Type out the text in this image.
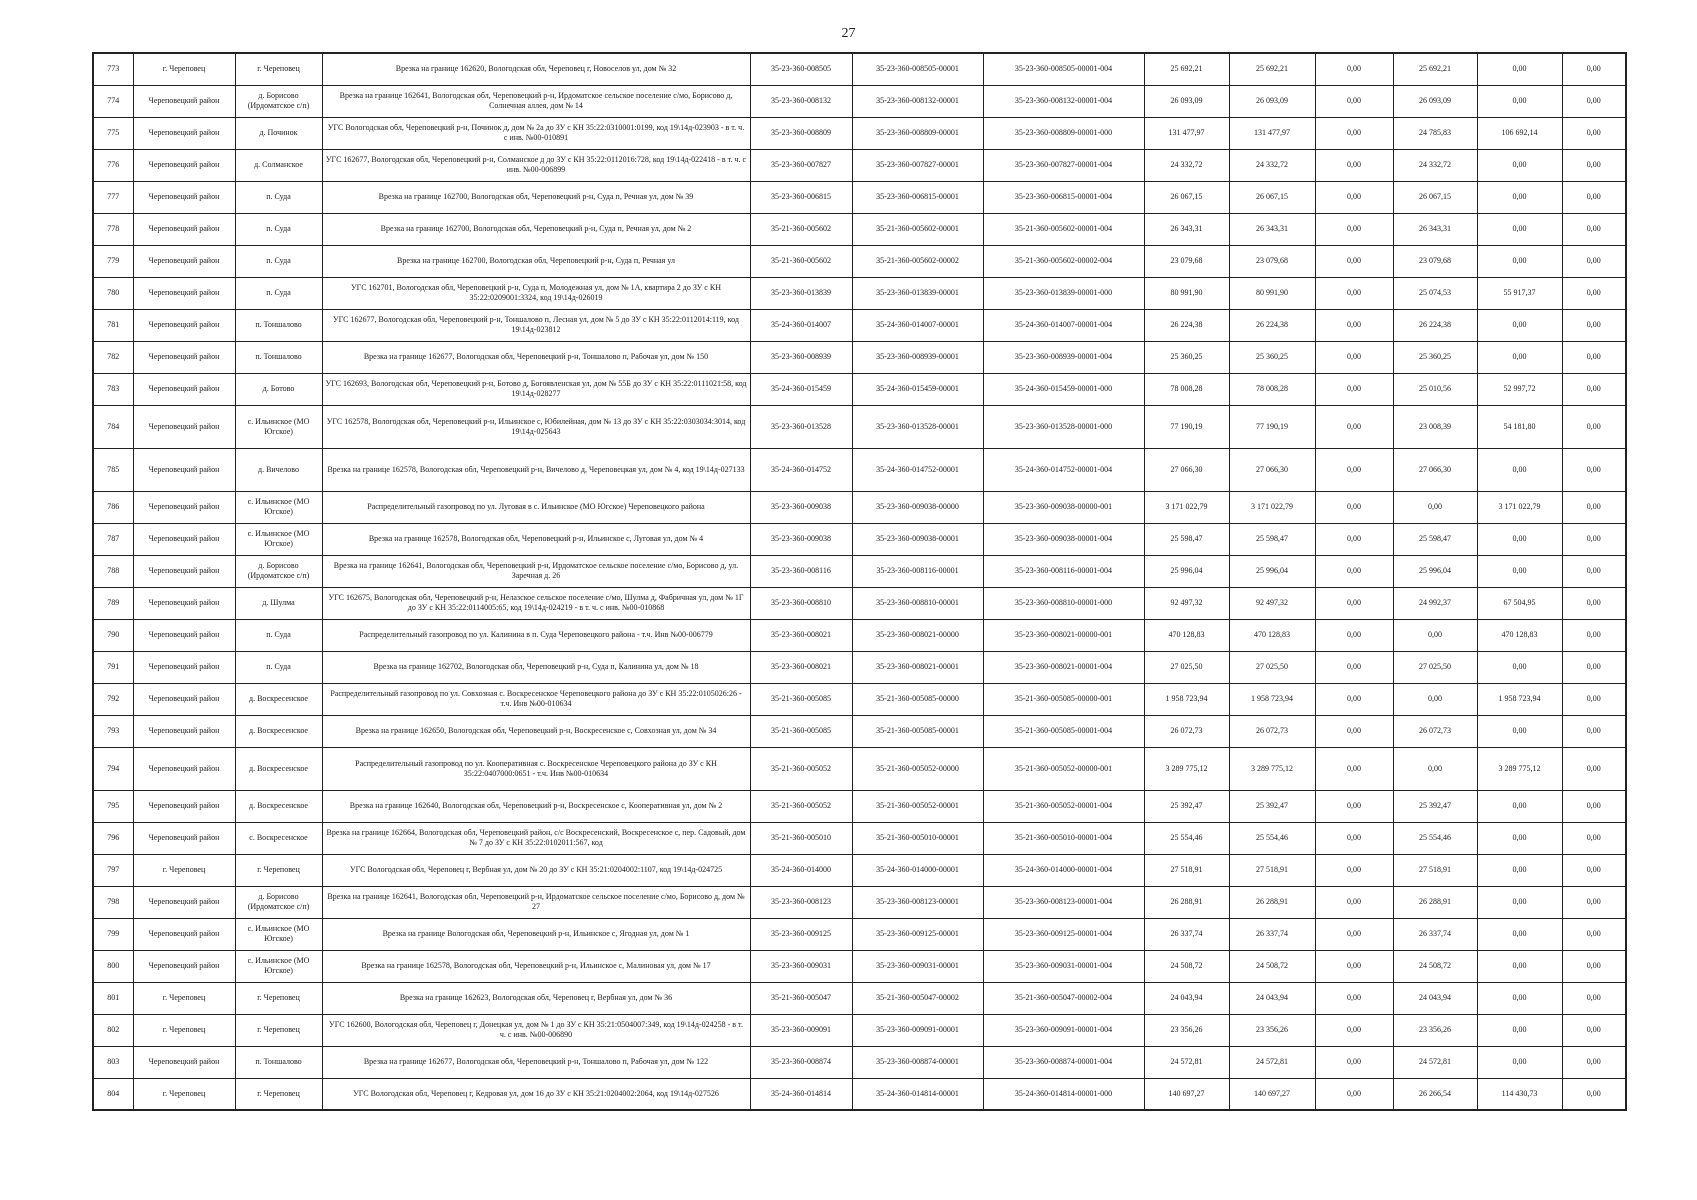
27
773	г. Череповец	г. Череповец	Врезка на границе 162620, Вологодская обл, Череповец г, Новоселов ул, дом № 32	35-23-360-008505	35-23-360-008505-00001	35-23-360-008505-00001-004	25 692,21	25 692,21	0,00	25 692,21	0,00	0,00
774	Череповецкий район	д. Борисово (Ирдоматское с/п)	Врезка на границе 162641, Вологодская обл, Череповецкий р-н, Ирдоматское сельское поселение с/мо, Борисово д, Солнечная аллея, дом № 14	35-23-360-008132	35-23-360-008132-00001	35-23-360-008132-00001-004	26 093,09	26 093,09	0,00	26 093,09	0,00	0,00
775	Череповецкий район	д. Починок	УГС Вологодская обл, Череповецкий р-н, Починок д, дом № 2а до ЗУ с КН 35:22:0310001:0199, код 19\14д-023903 - в т. ч. с инв. №00-010891	35-23-360-008809	35-23-360-008809-00001	35-23-360-008809-00001-000	131 477,97	131 477,97	0,00	24 785,83	106 692,14	0,00
776	Череповецкий район	д. Солманское	УГС 162677, Вологодская обл, Череповецкий р-н, Солманское д до ЗУ с КН 35:22:0112016:728, код 19\14д-022418 - в т. ч. с инв. №00-006899	35-23-360-007827	35-23-360-007827-00001	35-23-360-007827-00001-004	24 332,72	24 332,72	0,00	24 332,72	0,00	0,00
777	Череповецкий район	п. Суда	Врезка на границе 162700, Вологодская обл, Череповецкий р-н, Суда п, Речная ул, дом № 39	35-23-360-006815	35-23-360-006815-00001	35-23-360-006815-00001-004	26 067,15	26 067,15	0,00	26 067,15	0,00	0,00
778	Череповецкий район	п. Суда	Врезка на границе 162700, Вологодская обл, Череповецкий р-н, Суда п, Речная ул, дом № 2	35-21-360-005602	35-21-360-005602-00001	35-21-360-005602-00001-004	26 343,31	26 343,31	0,00	26 343,31	0,00	0,00
779	Череповецкий район	п. Суда	Врезка на границе 162700, Вологодская обл, Череповецкий р-н, Суда п, Речная ул	35-21-360-005602	35-21-360-005602-00002	35-21-360-005602-00002-004	23 079,68	23 079,68	0,00	23 079,68	0,00	0,00
780	Череповецкий район	п. Суда	УГС 162701, Вологодская обл, Череповецкий р-н, Суда п, Молодежная ул, дом № 1А, квартира 2 до ЗУ с КН 35:22:0209001:3324, код 19\14д-026019	35-23-360-013839	35-23-360-013839-00001	35-23-360-013839-00001-000	80 991,90	80 991,90	0,00	25 074,53	55 917,37	0,00
781	Череповецкий район	п. Тоншалово	УГС 162677, Вологодская обл, Череповецкий р-н, Тоншалово п, Лесная ул, дом № 5 до ЗУ с КН 35:22:0112014:119, код 19\14д-023812	35-24-360-014007	35-24-360-014007-00001	35-24-360-014007-00001-004	26 224,38	26 224,38	0,00	26 224,38	0,00	0,00
782	Череповецкий район	п. Тоншалово	Врезка на границе 162677, Вологодская обл, Череповецкий р-н, Тоншалово п, Рабочая ул, дом № 150	35-23-360-008939	35-23-360-008939-00001	35-23-360-008939-00001-004	25 360,25	25 360,25	0,00	25 360,25	0,00	0,00
783	Череповецкий район	д. Ботово	УГС 162693, Вологодская обл, Череповецкий р-н, Ботово д, Богоявленская ул, дом № 55Б до ЗУ с КН 35:22:0111021:58, код 19\14д-028277	35-24-360-015459	35-24-360-015459-00001	35-24-360-015459-00001-000	78 008,28	78 008,28	0,00	25 010,56	52 997,72	0,00
784	Череповецкий район	с. Ильинское (МО Югское)	УГС 162578, Вологодская обл, Череповецкий р-н, Ильинское с, Юбилейная, дом № 13 до ЗУ с КН 35:22:0303034:3014, код 19\14д-025643	35-23-360-013528	35-23-360-013528-00001	35-23-360-013528-00001-000	77 190,19	77 190,19	0,00	23 008,39	54 181,80	0,00
785	Череповецкий район	д. Вичелово	Врезка на границе 162578, Вологодская обл, Череповецкий р-н, Вичелово д, Череповецкая ул, дом № 4, код 19\14д-027133	35-24-360-014752	35-24-360-014752-00001	35-24-360-014752-00001-004	27 066,30	27 066,30	0,00	27 066,30	0,00	0,00
786	Череповецкий район	с. Ильинское (МО Югское)	Распределительный газопровод по ул. Луговая в с. Ильинское (МО Югское) Череповецкого района	35-23-360-009038	35-23-360-009038-00000	35-23-360-009038-00000-001	3 171 022,79	3 171 022,79	0,00	0,00	3 171 022,79	0,00
787	Череповецкий район	с. Ильинское (МО Югское)	Врезка на границе 162578, Вологодская обл, Череповецкий р-н, Ильинское с, Луговая ул, дом № 4	35-23-360-009038	35-23-360-009038-00001	35-23-360-009038-00001-004	25 598,47	25 598,47	0,00	25 598,47	0,00	0,00
788	Череповецкий район	д. Борисово (Ирдоматское с/п)	Врезка на границе 162641, Вологодская обл, Череповецкий р-н, Ирдоматское сельское поселение с/мо, Борисово д, ул. Заречная д. 26	35-23-360-008116	35-23-360-008116-00001	35-23-360-008116-00001-004	25 996,04	25 996,04	0,00	25 996,04	0,00	0,00
789	Череповецкий район	д. Шулма	УГС 162675, Вологодская обл, Череповецкий р-н, Нелазское сельское поселение с/мо, Шулма д, Фабричная ул, дом № 1Г до ЗУ с КН 35:22:0114005:65, код 19\14д-024219 - в т. ч. с инв. №00-010868	35-23-360-008810	35-23-360-008810-00001	35-23-360-008810-00001-000	92 497,32	92 497,32	0,00	24 992,37	67 504,95	0,00
790	Череповецкий район	п. Суда	Распределительный газопровод по ул. Калинина в п. Суда Череповецкого района - т.ч. Инв №00-006779	35-23-360-008021	35-23-360-008021-00000	35-23-360-008021-00000-001	470 128,83	470 128,83	0,00	0,00	470 128,83	0,00
791	Череповецкий район	п. Суда	Врезка на границе 162702, Вологодская обл, Череповецкий р-н, Суда п, Калинина ул, дом № 18	35-23-360-008021	35-23-360-008021-00001	35-23-360-008021-00001-004	27 025,50	27 025,50	0,00	27 025,50	0,00	0,00
792	Череповецкий район	д. Воскресенское	Распределительный газопровод по ул. Совхозная с. Воскресенское Череповецкого района до ЗУ с КН 35:22:0105026:26 - т.ч. Инв №00-010634	35-21-360-005085	35-21-360-005085-00000	35-21-360-005085-00000-001	1 958 723,94	1 958 723,94	0,00	0,00	1 958 723,94	0,00
793	Череповецкий район	д. Воскресенское	Врезка на границе 162650, Вологодская обл, Череповецкий р-н, Воскресенское с, Совхозная ул, дом № 34	35-21-360-005085	35-21-360-005085-00001	35-21-360-005085-00001-004	26 072,73	26 072,73	0,00	26 072,73	0,00	0,00
794	Череповецкий район	д. Воскресенское	Распределительный газопровод по ул. Кооперативная с. Воскресенское Череповецкого района до ЗУ с КН 35:22:0407000:0651 - т.ч. Инв №00-010634	35-21-360-005052	35-21-360-005052-00000	35-21-360-005052-00000-001	3 289 775,12	3 289 775,12	0,00	0,00	3 289 775,12	0,00
795	Череповецкий район	д. Воскресенское	Врезка на границе 162640, Вологодская обл, Череповецкий р-н, Воскресенское с, Кооперативная ул, дом № 2	35-21-360-005052	35-21-360-005052-00001	35-21-360-005052-00001-004	25 392,47	25 392,47	0,00	25 392,47	0,00	0,00
796	Череповецкий район	с. Воскресенское	Врезка на границе 162664, Вологодская обл, Череповецкий район, с/с Воскресенский, Воскресенское с, пер. Садовый, дом № 7 до ЗУ с КН 35:22:0102011:567, код	35-21-360-005010	35-21-360-005010-00001	35-21-360-005010-00001-004	25 554,46	25 554,46	0,00	25 554,46	0,00	0,00
797	г. Череповец	г. Череповец	УГС Вологодская обл, Череповец г, Вербная ул, дом № 20 до ЗУ с КН 35:21:0204002:1107, код 19\14д-024725	35-24-360-014000	35-24-360-014000-00001	35-24-360-014000-00001-004	27 518,91	27 518,91	0,00	27 518,91	0,00	0,00
798	Череповецкий район	д. Борисово (Ирдоматское с/п)	Врезка на границе 162641, Вологодская обл, Череповецкий р-н, Ирдоматское сельское поселение с/мо, Борисово д, дом № 27	35-23-360-008123	35-23-360-008123-00001	35-23-360-008123-00001-004	26 288,91	26 288,91	0,00	26 288,91	0,00	0,00
799	Череповецкий район	с. Ильинское (МО Югское)	Врезка на границе Вологодская обл, Череповецкий р-н, Ильинское с, Ягодная ул, дом № 1	35-23-360-009125	35-23-360-009125-00001	35-23-360-009125-00001-004	26 337,74	26 337,74	0,00	26 337,74	0,00	0,00
800	Череповецкий район	с. Ильинское (МО Югское)	Врезка на границе 162578, Вологодская обл, Череповецкий р-н, Ильинское с, Малиновая ул, дом № 17	35-23-360-009031	35-23-360-009031-00001	35-23-360-009031-00001-004	24 508,72	24 508,72	0,00	24 508,72	0,00	0,00
801	г. Череповец	г. Череповец	Врезка на границе 162623, Вологодская обл, Череповец г, Вербная ул, дом № 36	35-21-360-005047	35-21-360-005047-00002	35-21-360-005047-00002-004	24 043,94	24 043,94	0,00	24 043,94	0,00	0,00
802	г. Череповец	г. Череповец	УГС 162600, Вологодская обл, Череповец г, Донецкая ул, дом № 1 до ЗУ с КН 35:21:0504007:349, код 19\14д-024258 - в т. ч. с инв. №00-006890	35-23-360-009091	35-23-360-009091-00001	35-23-360-009091-00001-004	23 356,26	23 356,26	0,00	23 356,26	0,00	0,00
803	Череповецкий район	п. Тоншалово	Врезка на границе 162677, Вологодская обл, Череповецкий р-н, Тоншалово п, Рабочая ул, дом № 122	35-23-360-008874	35-23-360-008874-00001	35-23-360-008874-00001-004	24 572,81	24 572,81	0,00	24 572,81	0,00	0,00
804	г. Череповец	г. Череповец	УГС Вологодская обл, Череповец г, Кедровая ул, дом 16 до ЗУ с КН 35:21:0204002:2064, код 19\14д-027526	35-24-360-014814	35-24-360-014814-00001	35-24-360-014814-00001-000	140 697,27	140 697,27	0,00	26 266,54	114 430,73	0,00
